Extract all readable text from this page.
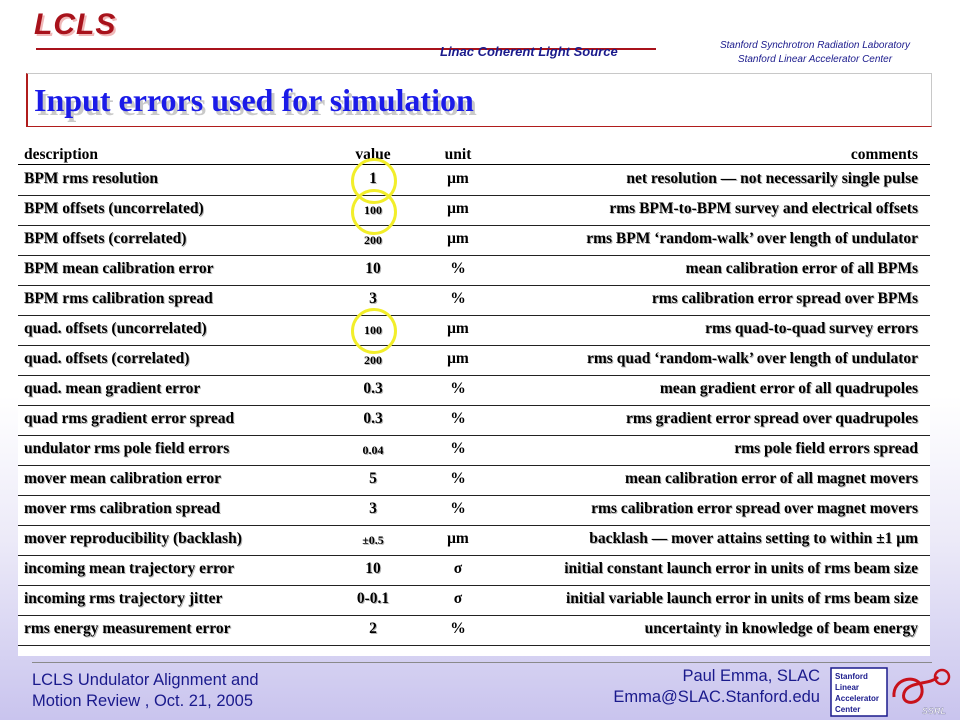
LCLS
Linac Coherent Light Source	Stanford Synchrotron Radiation Laboratory
Stanford Linear Accelerator Center
Input errors used for simulation
description	value	unit	comments
BPM rms resolution	1	μm	net resolution — not necessarily single pulse
BPM offsets (uncorrelated)	100	μm	rms BPM-to-BPM survey and electrical offsets
BPM offsets (correlated)	200	μm	rms BPM ‘random-walk’ over length of undulator
BPM mean calibration error	10	%	mean calibration error of all BPMs
BPM rms calibration spread	3	%	rms calibration error spread over BPMs
quad. offsets (uncorrelated)	100	μm	rms quad-to-quad survey errors
quad. offsets (correlated)	200	μm	rms quad ‘random-walk’ over length of undulator
quad. mean gradient error	0.3	%	mean gradient error of all quadrupoles
quad rms gradient error spread	0.3	%	rms gradient error spread over quadrupoles
undulator rms pole field errors	0.04	%	rms pole field errors spread
mover mean calibration error	5	%	mean calibration error of all magnet movers
mover rms calibration spread	3	%	rms calibration error spread over magnet movers
mover reproducibility (backlash)	±0.5	μm	backlash — mover attains setting to within ±1 μm
incoming mean trajectory error	10	σ	initial constant launch error in units of rms beam size
incoming rms trajectory jitter	0-0.1	σ	initial variable launch error in units of rms beam size
rms energy measurement error	2	%	uncertainty in knowledge of beam energy
LCLS Undulator Alignment and
Motion Review , Oct. 21, 2005
Paul Emma, SLAC
Emma@SLAC.Stanford.edu
Stanford
Linear
Accelerator
Center	SSRL
